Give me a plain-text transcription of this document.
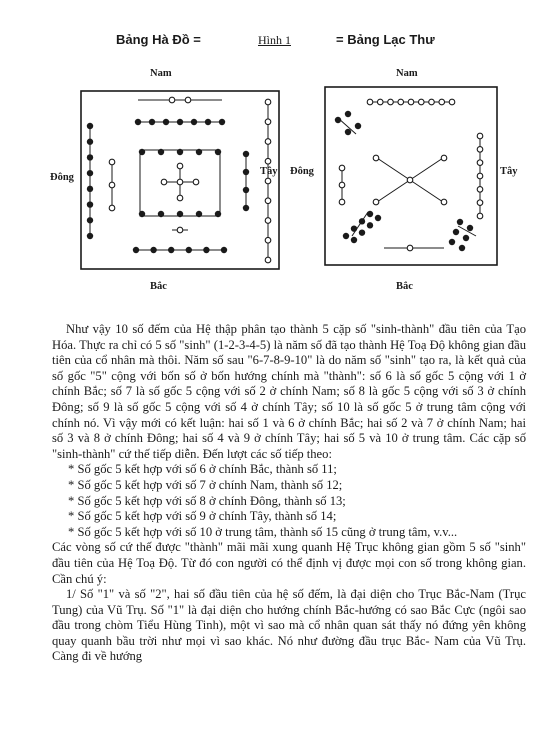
Bảng Hà Đồ =	Hình 1	= Bảng Lạc Thư
Nam
Bắc
Đông
Tây
Nam
Bắc
Đông	Tây

Như vậy 10 số đếm của Hệ thập phân tạo thành 5 cặp số "sinh-thành" đầu tiên của Tạo Hóa. Thực ra chỉ có 5 số "sinh" (1-2-3-4-5) là năm số đã tạo thành Hệ Toạ Độ không gian đầu tiên của cổ nhân mà thôi. Năm số sau "6-7-8-9-10" là do năm số "sinh" tạo ra, là kết quả của số gốc "5" cộng với bốn số ở bốn hướng chính mà "thành": số 6 là số gốc 5 cộng với 1 ở chính Bắc; số 7 là số gốc 5 cộng với số 2 ở chính Nam; số 8 là gốc 5 cộng với số 3 ở chính Đông; số 9 là số gốc 5 cộng với số 4 ở chính Tây; số 10 là số gốc 5 ở trung tâm cộng với chính nó. Vì vậy mới có kết luận: hai số 1 và 6 ở chính Bắc; hai số 2 và 7 ở chính Nam; hai số 3 và 8 ở chính Đông; hai số 4 và 9 ở chính Tây; hai số 5 và 10 ở trung tâm. Các cặp số "sinh-thành" cứ thế tiếp diễn. Đến lượt các số tiếp theo:

* Số gốc 5 kết hợp với số 6 ở chính Bắc, thành số 11;

* Số gốc 5 kết hợp với số 7 ở chính Nam, thành số 12;

* Số gốc 5 kết hợp với số 8 ở chính Đông, thành số 13;

* Số gốc 5 kết hợp với số 9 ở chính Tây, thành số 14;

* Số gốc 5 kết hợp với số 10 ở trung tâm, thành số 15 cũng ở trung tâm, v.v...

Các vòng số cứ thế được "thành" mãi mãi xung quanh Hệ Trục không gian gồm 5 số "sinh" đầu tiên của Hệ Toạ Độ. Từ đó con người có thể định vị được mọi con số trong không gian. Cần chú ý:

1/ Số "1" và số "2", hai số đầu tiên của hệ số đếm, là đại diện cho Trục Bắc-Nam (Trục Tung) của Vũ Trụ. Số "1" là đại diện cho hướng chính Bắc-hướng có sao Bắc Cực (ngôi sao đầu trong chòm Tiểu Hùng Tinh), một vì sao mà cổ nhân quan sát thấy nó đứng yên không quay quanh bầu trời như mọi vì sao khác. Nó như đường đầu trục Bắc- Nam của Vũ Trụ. Càng đi về hướng
